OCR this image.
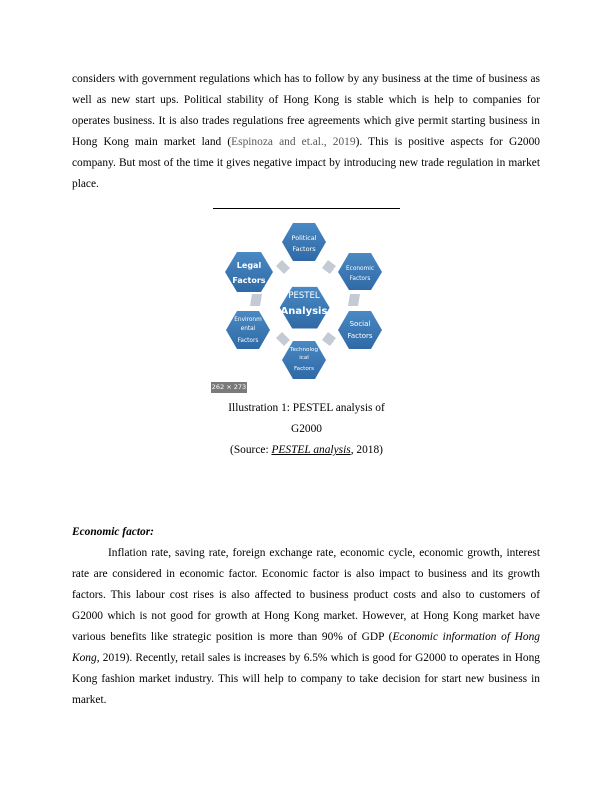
considers with government regulations which has to follow by any business at the time of business as well as new start ups. Political stability of Hong Kong is stable which is help to companies for operates business. It is also trades regulations free agreements which give permit starting business in Hong Kong main market land (Espinoza and et.al., 2019). This is positive aspects for G2000 company. But most of the time it gives negative impact by introducing new trade regulation in market place.

PESTEL
Analysis
Political
Factors
Economic
Factors
Social
Factors
Technolog
ical
Factors
Environm
ental
Factors
Legal
Factors
262 × 273

Illustration 1: PESTEL analysis of G2000

(Source: PESTEL analysis, 2018)

Economic factor:

Inflation rate, saving rate, foreign exchange rate, economic cycle, economic growth, interest rate are considered in economic factor. Economic factor is also impact to business and its growth factors. This labour cost rises is also affected to business product costs and also to customers of G2000 which is not good for growth at Hong Kong market. However, at Hong Kong market have various benefits like strategic position is more than 90% of GDP (Economic information of Hong Kong, 2019). Recently, retail sales is increases by 6.5% which is good for G2000 to operates in Hong Kong fashion market industry. This will help to company to take decision for start new business in market.
